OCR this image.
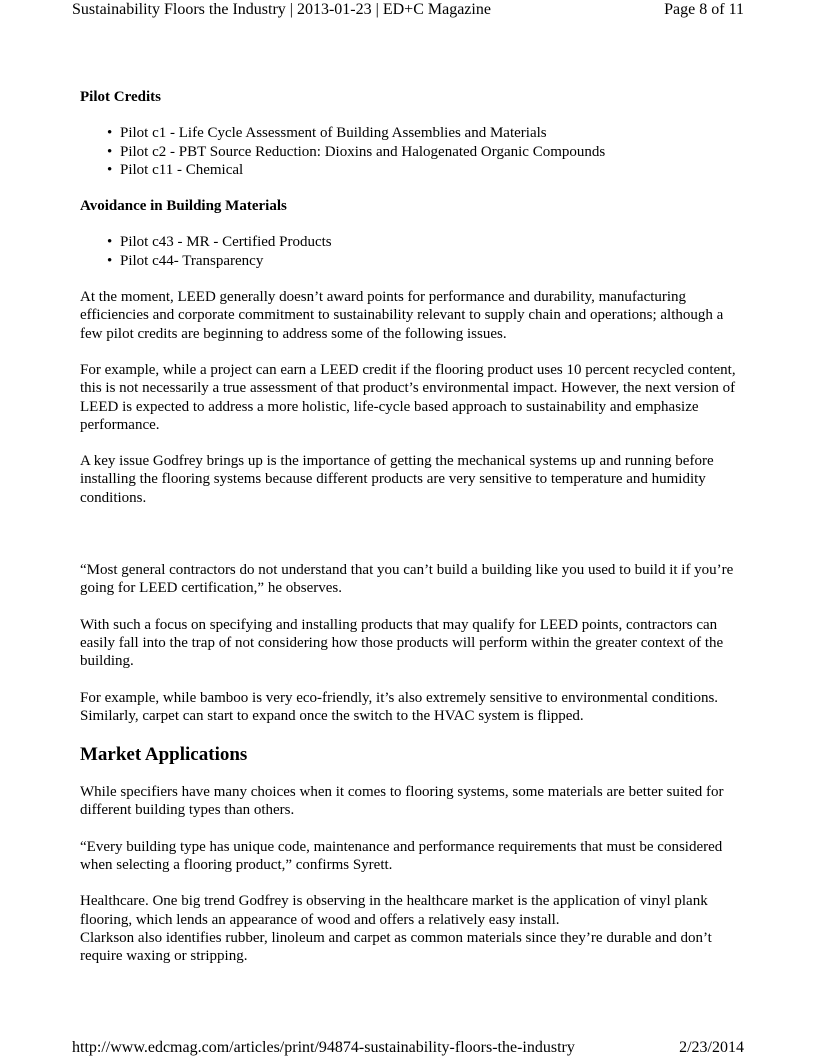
Sustainability Floors the Industry | 2013-01-23 | ED+C Magazine	Page 8 of 11

Pilot Credits

• Pilot c1 - Life Cycle Assessment of Building Assemblies and Materials
• Pilot c2 - PBT Source Reduction: Dioxins and Halogenated Organic Compounds
• Pilot c11 - Chemical

Avoidance in Building Materials

• Pilot c43 - MR - Certified Products
• Pilot c44- Transparency

At the moment, LEED generally doesn’t award points for performance and durability, manufacturing efficiencies and corporate commitment to sustainability relevant to supply chain and operations; although a few pilot credits are beginning to address some of the following issues.

For example, while a project can earn a LEED credit if the flooring product uses 10 percent recycled content, this is not necessarily a true assessment of that product’s environmental impact. However, the next version of LEED is expected to address a more holistic, life-cycle based approach to sustainability and emphasize performance.

A key issue Godfrey brings up is the importance of getting the mechanical systems up and running before installing the flooring systems because different products are very sensitive to temperature and humidity conditions.

“Most general contractors do not understand that you can’t build a building like you used to build it if you’re going for LEED certification,” he observes.

With such a focus on specifying and installing products that may qualify for LEED points, contractors can easily fall into the trap of not considering how those products will perform within the greater context of the building.

For example, while bamboo is very eco-friendly, it’s also extremely sensitive to environmental conditions. Similarly, carpet can start to expand once the switch to the HVAC system is flipped.

Market Applications

While specifiers have many choices when it comes to flooring systems, some materials are better suited for different building types than others.

“Every building type has unique code, maintenance and performance requirements that must be considered when selecting a flooring product,” confirms Syrett.

Healthcare. One big trend Godfrey is observing in the healthcare market is the application of vinyl plank flooring, which lends an appearance of wood and offers a relatively easy install.
Clarkson also identifies rubber, linoleum and carpet as common materials since they’re durable and don’t require waxing or stripping.

http://www.edcmag.com/articles/print/94874-sustainability-floors-the-industry	2/23/2014
